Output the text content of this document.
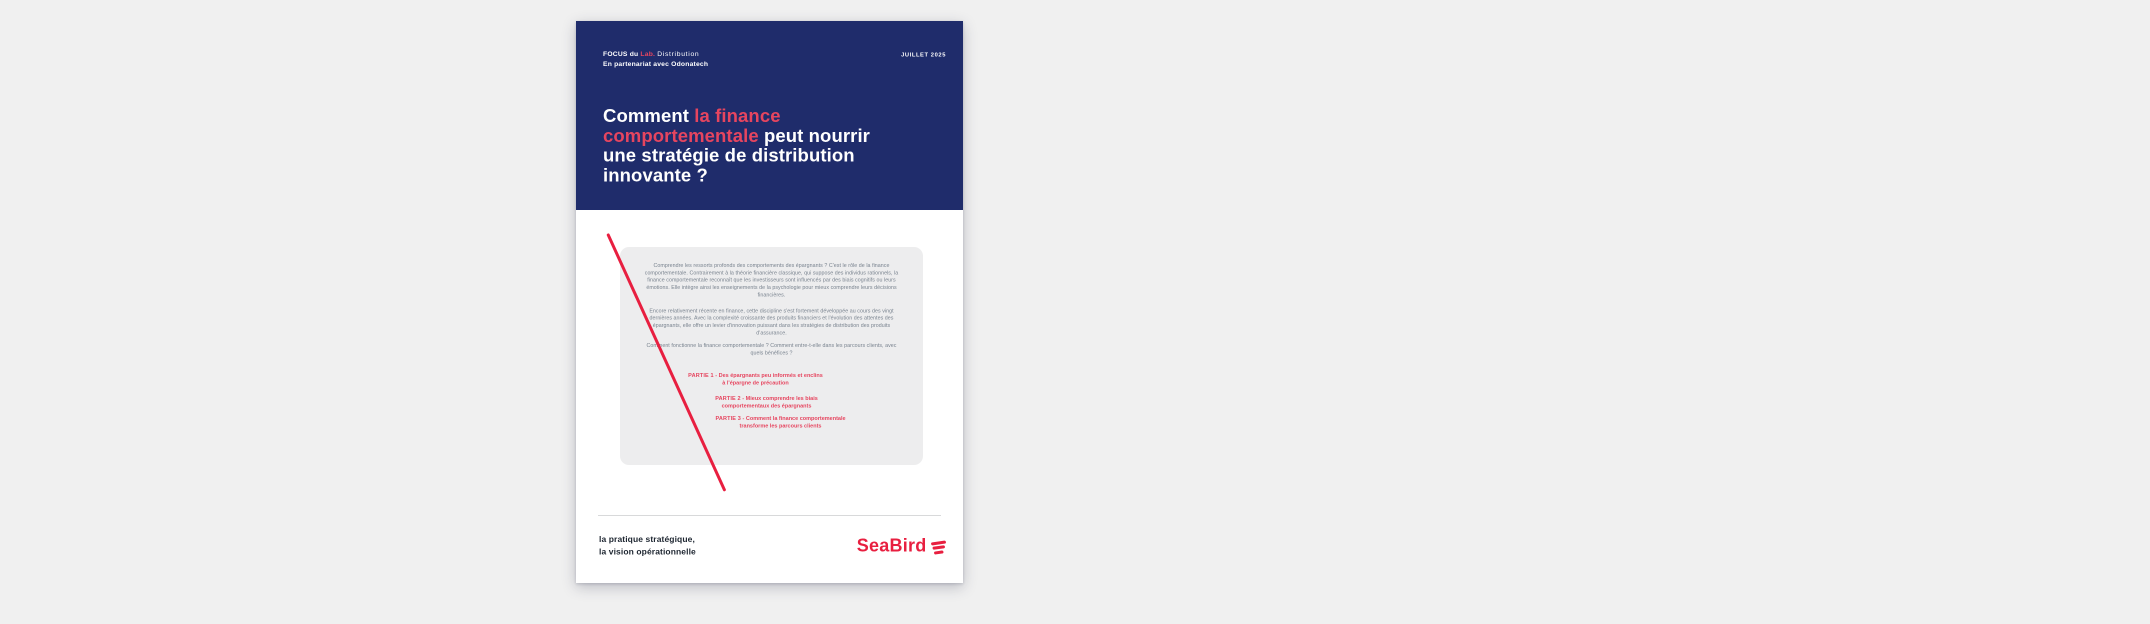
FOCUS du Lab. Distribution
En partenariat avec Odonatech
JUILLET 2025
Comment la finance
comportementale peut nourrir
une stratégie de distribution
innovante ?

Comprendre les ressorts profonds des comportements des épargnants ? C'est le rôle de la finance comportementale. Contrairement à la théorie financière classique, qui suppose des individus rationnels, la finance comportementale reconnaît que les investisseurs sont influencés par des biais cognitifs ou leurs émotions. Elle intègre ainsi les enseignements de la psychologie pour mieux comprendre leurs décisions financières.

Encore relativement récente en finance, cette discipline s'est fortement développée au cours des vingt dernières années. Avec la complexité croissante des produits financiers et l'évolution des attentes des épargnants, elle offre un levier d'innovation puissant dans les stratégies de distribution des produits d'assurance.

Comment fonctionne la finance comportementale ? Comment entre-t-elle dans les parcours clients, avec quels bénéfices ?

PARTIE 1 - Des épargnants peu informés et enclins
à l'épargne de précaution
PARTIE 2 - Mieux comprendre les biais
comportementaux des épargnants
PARTIE 3 - Comment la finance comportementale
transforme les parcours clients
la pratique stratégique,
la vision opérationnelle	SeaBird
